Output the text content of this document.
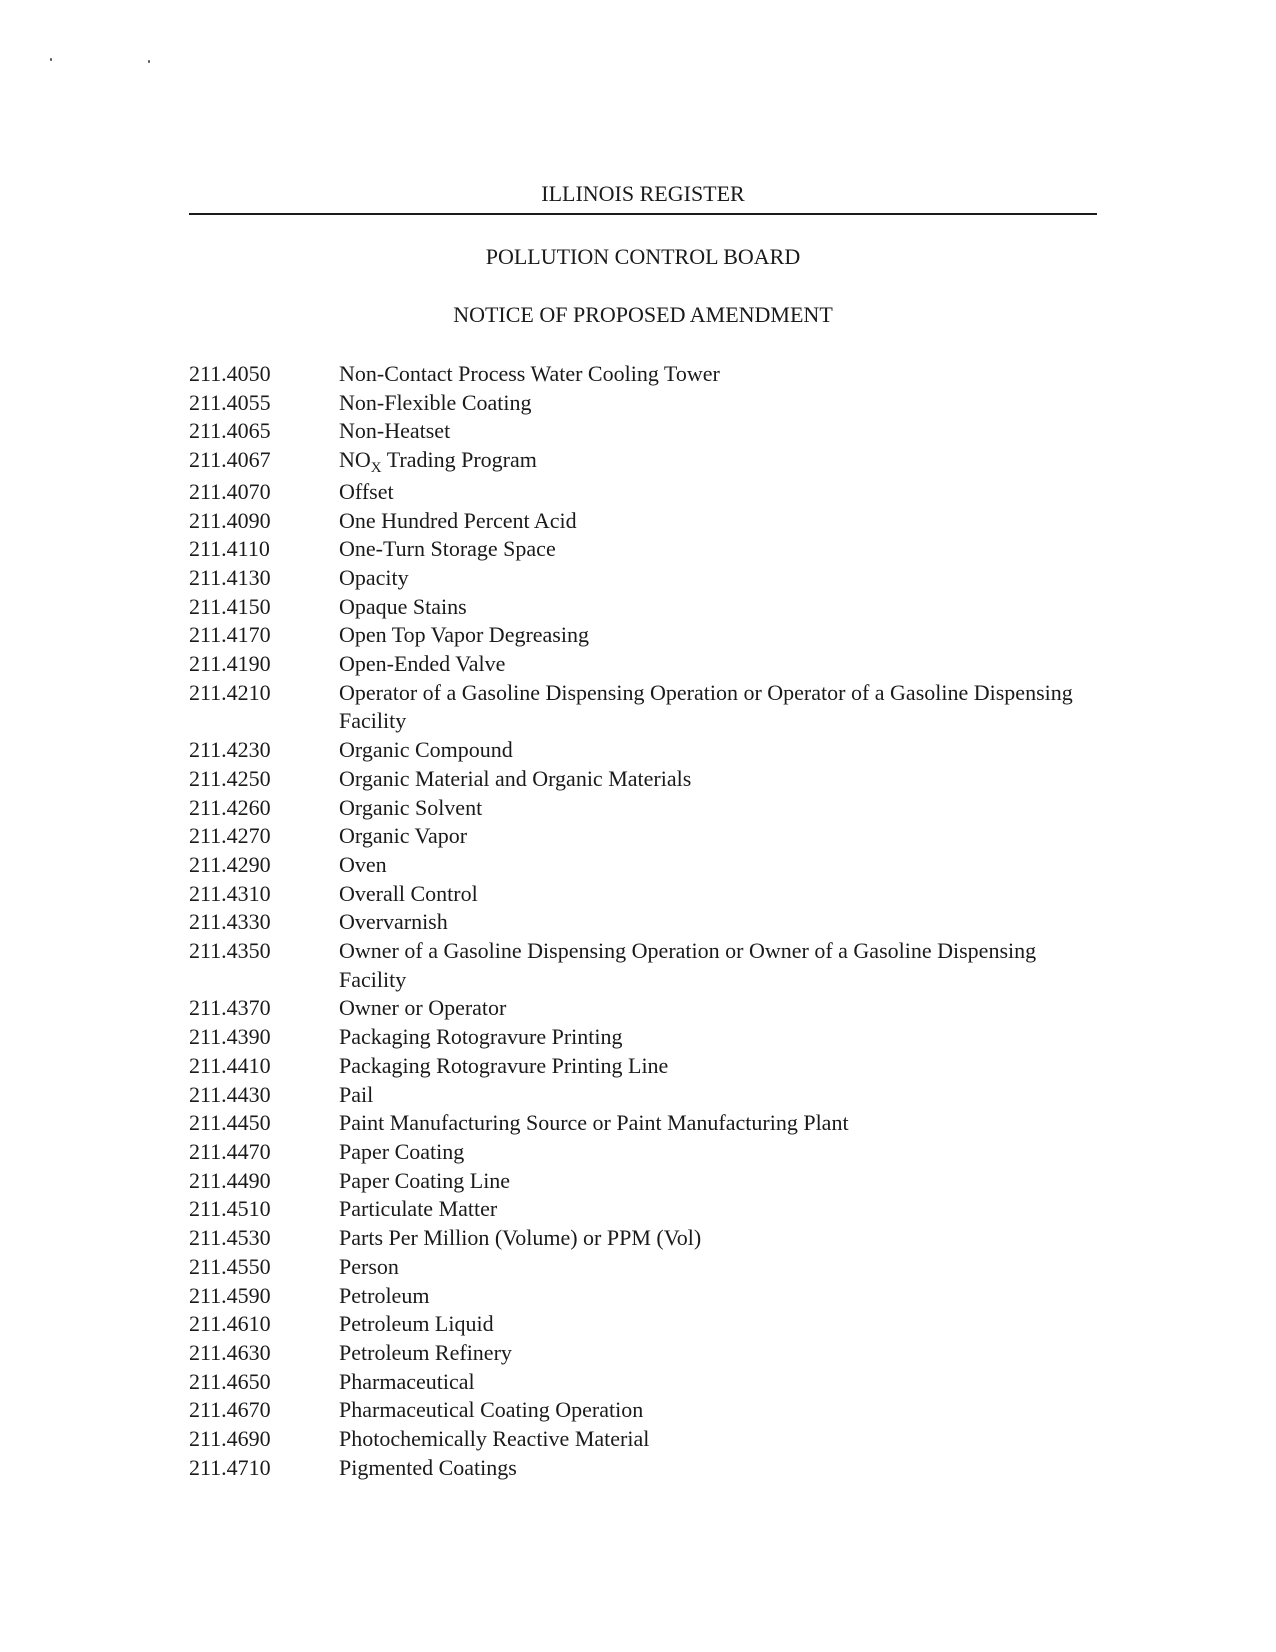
ILLINOIS REGISTER
POLLUTION CONTROL BOARD
NOTICE OF PROPOSED AMENDMENT
211.4050	Non-Contact Process Water Cooling Tower
211.4055	Non-Flexible Coating
211.4065	Non-Heatset
211.4067	$NO_X$ Trading Program
211.4070	Offset
211.4090	One Hundred Percent Acid
211.4110	One-Turn Storage Space
211.4130	Opacity
211.4150	Opaque Stains
211.4170	Open Top Vapor Degreasing
211.4190	Open-Ended Valve
211.4210	Operator of a Gasoline Dispensing Operation or Operator of a Gasoline Dispensing Facility
211.4230	Organic Compound
211.4250	Organic Material and Organic Materials
211.4260	Organic Solvent
211.4270	Organic Vapor
211.4290	Oven
211.4310	Overall Control
211.4330	Overvarnish
211.4350	Owner of a Gasoline Dispensing Operation or Owner of a Gasoline Dispensing Facility
211.4370	Owner or Operator
211.4390	Packaging Rotogravure Printing
211.4410	Packaging Rotogravure Printing Line
211.4430	Pail
211.4450	Paint Manufacturing Source or Paint Manufacturing Plant
211.4470	Paper Coating
211.4490	Paper Coating Line
211.4510	Particulate Matter
211.4530	Parts Per Million (Volume) or PPM (Vol)
211.4550	Person
211.4590	Petroleum
211.4610	Petroleum Liquid
211.4630	Petroleum Refinery
211.4650	Pharmaceutical
211.4670	Pharmaceutical Coating Operation
211.4690	Photochemically Reactive Material
211.4710	Pigmented Coatings
